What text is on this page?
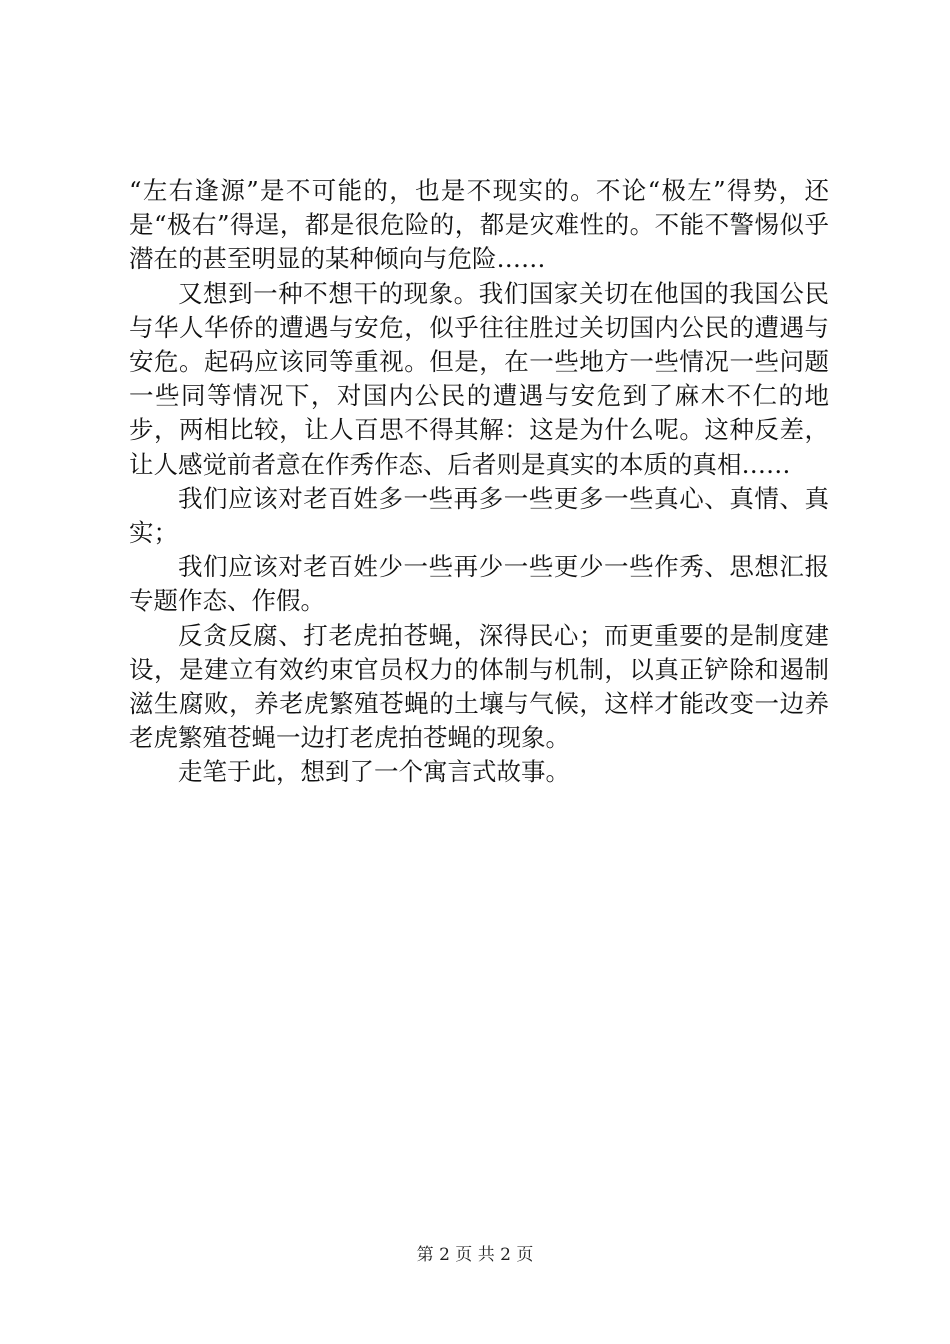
“左右逢源”是不可能的，也是不现实的。不论“极左”得势，还是“极右”得逞，都是很危险的，都是灾难性的。不能不警惕似乎潜在的甚至明显的某种倾向与危险……

又想到一种不想干的现象。我们国家关切在他国的我国公民与华人华侨的遭遇与安危，似乎往往胜过关切国内公民的遭遇与安危。起码应该同等重视。但是，在一些地方一些情况一些问题一些同等情况下，对国内公民的遭遇与安危到了麻木不仁的地步，两相比较，让人百思不得其解：这是为什么呢。这种反差，让人感觉前者意在作秀作态、后者则是真实的本质的真相……

我们应该对老百姓多一些再多一些更多一些真心、真情、真实；

我们应该对老百姓少一些再少一些更少一些作秀、思想汇报专题作态、作假。

反贪反腐、打老虎拍苍蝇，深得民心；而更重要的是制度建设，是建立有效约束官员权力的体制与机制，以真正铲除和遏制滋生腐败，养老虎繁殖苍蝇的土壤与气候，这样才能改变一边养老虎繁殖苍蝇一边打老虎拍苍蝇的现象。

走笔于此，想到了一个寓言式故事。

第 2 页 共 2 页
